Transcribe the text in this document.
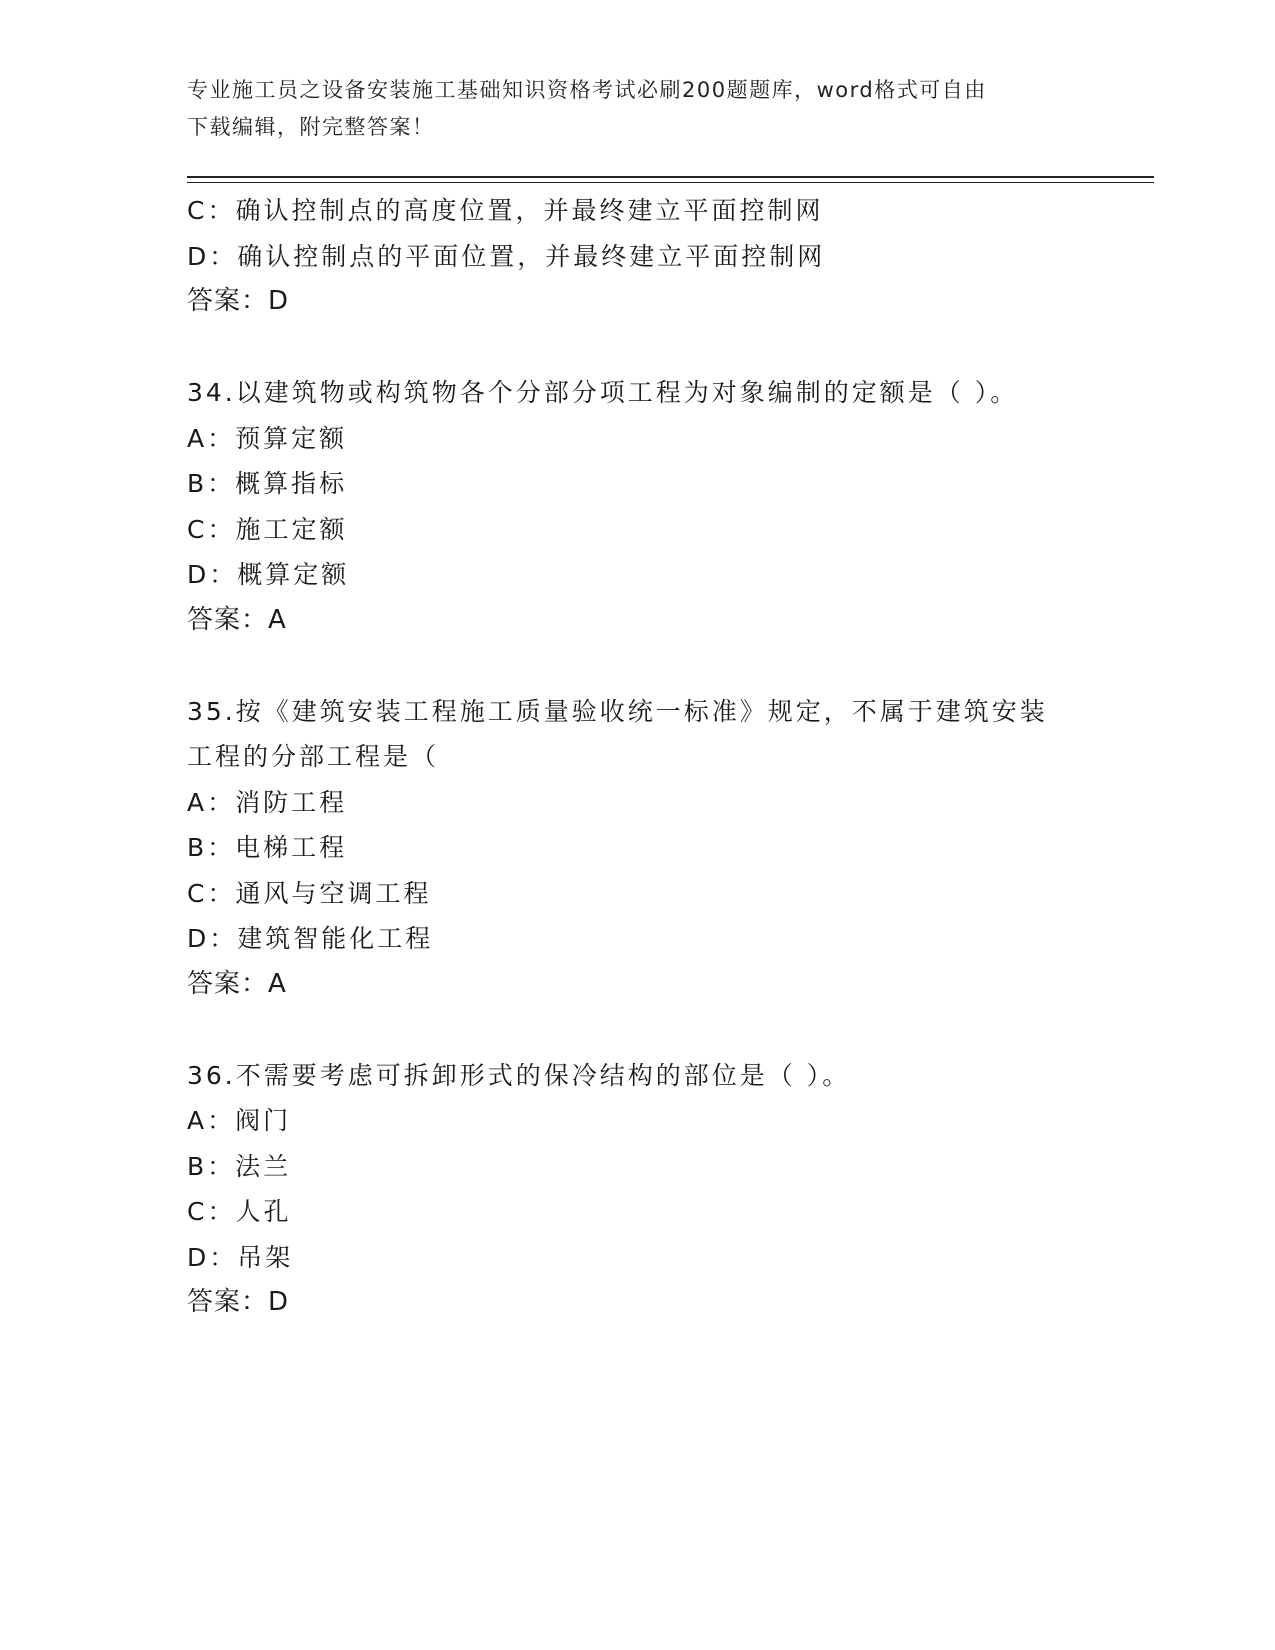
专业施工员之设备安装施工基础知识资格考试必刷200题题库，word格式可自由
下载编辑，附完整答案！
C：确认控制点的高度位置，并最终建立平面控制网
D：确认控制点的平面位置，并最终建立平面控制网
答案：D
34.以建筑物或构筑物各个分部分项工程为对象编制的定额是（ ）。
A：预算定额
B：概算指标
C：施工定额
D：概算定额
答案：A
35.按《建筑安装工程施工质量验收统一标准》规定，不属于建筑安装
工程的分部工程是（
A：消防工程
B：电梯工程
C：通风与空调工程
D：建筑智能化工程
答案：A
36.不需要考虑可拆卸形式的保冷结构的部位是（ ）。
A：阀门
B：法兰
C：人孔
D：吊架
答案：D
